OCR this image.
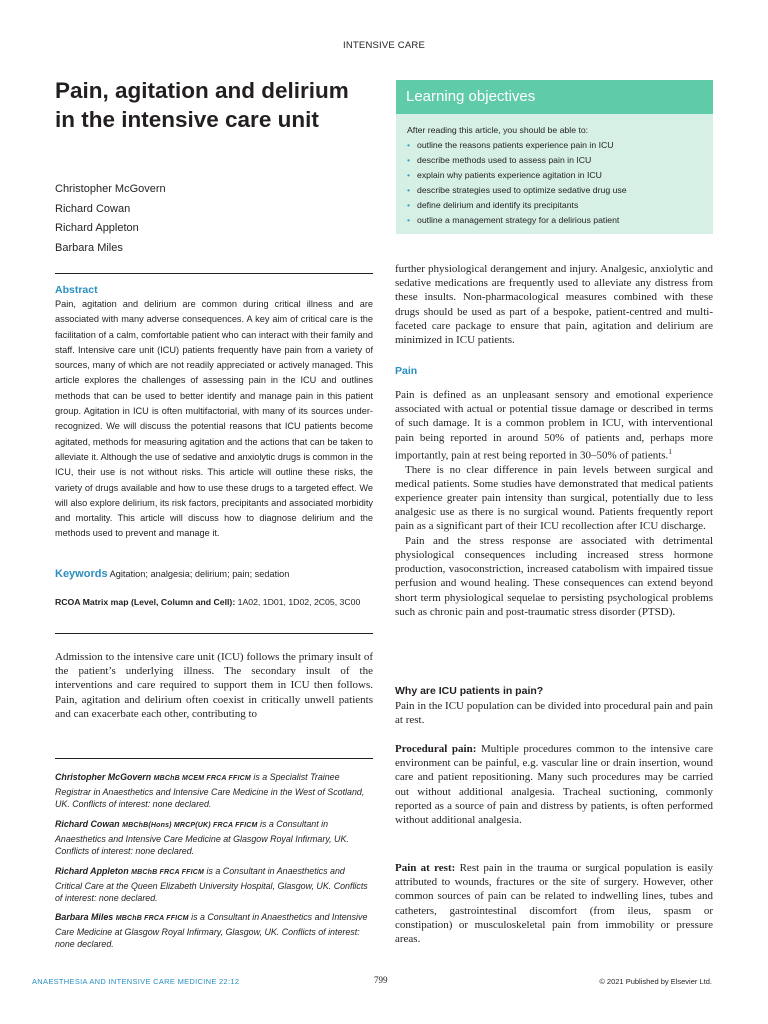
INTENSIVE CARE
Pain, agitation and delirium in the intensive care unit
Christopher McGovern
Richard Cowan
Richard Appleton
Barbara Miles
Learning objectives
After reading this article, you should be able to:
• outline the reasons patients experience pain in ICU
• describe methods used to assess pain in ICU
• explain why patients experience agitation in ICU
• describe strategies used to optimize sedative drug use
• define delirium and identify its precipitants
• outline a management strategy for a delirious patient
Abstract
Pain, agitation and delirium are common during critical illness and are associated with many adverse consequences. A key aim of critical care is the facilitation of a calm, comfortable patient who can interact with their family and staff. Intensive care unit (ICU) patients frequently have pain from a variety of sources, many of which are not readily appreciated or actively managed. This article explores the challenges of assessing pain in the ICU and outlines methods that can be used to better identify and manage pain in this patient group. Agitation in ICU is often multifactorial, with many of its sources under-recognized. We will discuss the potential reasons that ICU patients become agitated, methods for measuring agitation and the actions that can be taken to alleviate it. Although the use of sedative and anxiolytic drugs is common in the ICU, their use is not without risks. This article will outline these risks, the variety of drugs available and how to use these drugs to a targeted effect. We will also explore delirium, its risk factors, precipitants and associated morbidity and mortality. This article will discuss how to diagnose delirium and the methods used to prevent and manage it.
Keywords Agitation; analgesia; delirium; pain; sedation
RCOA Matrix map (Level, Column and Cell): 1A02, 1D01, 1D02, 2C05, 3C00
Admission to the intensive care unit (ICU) follows the primary insult of the patient’s underlying illness. The secondary insult of the interventions and care required to support them in ICU then follows. Pain, agitation and delirium often coexist in critically unwell patients and can exacerbate each other, contributing to
Christopher McGovern MBChB MCEM FRCA FFICM is a Specialist Trainee Registrar in Anaesthetics and Intensive Care Medicine in the West of Scotland, UK. Conflicts of interest: none declared.
Richard Cowan MBChB(Hons) MRCP(UK) FRCA FFICM is a Consultant in Anaesthetics and Intensive Care Medicine at Glasgow Royal Infirmary, UK. Conflicts of interest: none declared.
Richard Appleton MBChB FRCA FFICM is a Consultant in Anaesthetics and Critical Care at the Queen Elizabeth University Hospital, Glasgow, UK. Conflicts of interest: none declared.
Barbara Miles MBChB FRCA FFICM is a Consultant in Anaesthetics and Intensive Care Medicine at Glasgow Royal Infirmary, Glasgow, UK. Conflicts of interest: none declared.
further physiological derangement and injury. Analgesic, anxiolytic and sedative medications are frequently used to alleviate any distress from these insults. Non-pharmacological measures combined with these drugs should be used as part of a bespoke, patient-centred and multi-faceted care package to ensure that pain, agitation and delirium are minimized in ICU patients.
Pain

Pain is defined as an unpleasant sensory and emotional experience associated with actual or potential tissue damage or described in terms of such damage. It is a common problem in ICU, with interventional pain being reported in around 50% of patients and, perhaps more importantly, pain at rest being reported in 30–50% of patients.$^1$

There is no clear difference in pain levels between surgical and medical patients. Some studies have demonstrated that medical patients experience greater pain intensity than surgical, potentially due to less analgesic use as there is no surgical wound. Patients frequently report pain as a significant part of their ICU recollection after ICU discharge.

Pain and the stress response are associated with detrimental physiological consequences including increased stress hormone production, vasoconstriction, increased catabolism with impaired tissue perfusion and wound healing. These consequences can extend beyond short term physiological sequelae to persisting psychological problems such as chronic pain and post-traumatic stress disorder (PTSD).

Why are ICU patients in pain?
Pain in the ICU population can be divided into procedural pain and pain at rest.
Procedural pain: Multiple procedures common to the intensive care environment can be painful, e.g. vascular line or drain insertion, wound care and patient repositioning. Many such procedures may be carried out without additional analgesia. Tracheal suctioning, commonly reported as a source of pain and distress by patients, is often performed without additional analgesia.
Pain at rest: Rest pain in the trauma or surgical population is easily attributed to wounds, fractures or the site of surgery. However, other common sources of pain can be related to indwelling lines, tubes and catheters, gastrointestinal discomfort (from ileus, spasm or constipation) or musculoskeletal pain from immobility or pressure areas.
ANAESTHESIA AND INTENSIVE CARE MEDICINE 22:12	799	© 2021 Published by Elsevier Ltd.
